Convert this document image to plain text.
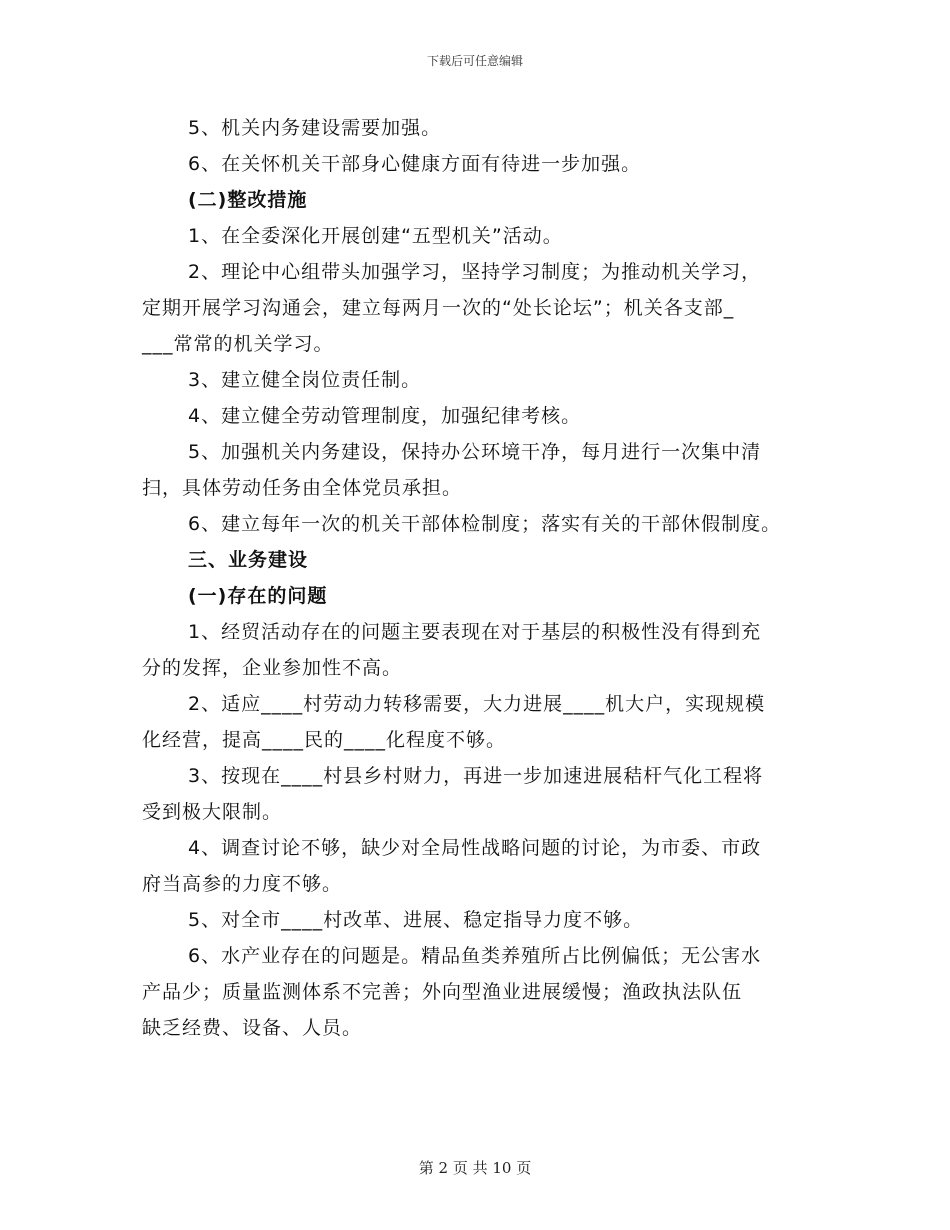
下载后可任意编辑
5、机关内务建设需要加强。
6、在关怀机关干部身心健康方面有待进一步加强。
(二)整改措施
1、在全委深化开展创建“五型机关”活动。
2、理论中心组带头加强学习，坚持学习制度；为推动机关学习，
定期开展学习沟通会，建立每两月一次的“处长论坛”；机关各支部_
___常常的机关学习。
3、建立健全岗位责任制。
4、建立健全劳动管理制度，加强纪律考核。
5、加强机关内务建设，保持办公环境干净，每月进行一次集中清
扫，具体劳动任务由全体党员承担。
6、建立每年一次的机关干部体检制度；落实有关的干部休假制度。
三、业务建设
(一)存在的问题
1、经贸活动存在的问题主要表现在对于基层的积极性没有得到充
分的发挥，企业参加性不高。
2、适应____村劳动力转移需要，大力进展____机大户，实现规模
化经营，提高____民的____化程度不够。
3、按现在____村县乡村财力，再进一步加速进展秸杆气化工程将
受到极大限制。
4、调查讨论不够，缺少对全局性战略问题的讨论，为市委、市政
府当高参的力度不够。
5、对全市____村改革、进展、稳定指导力度不够。
6、水产业存在的问题是。精品鱼类养殖所占比例偏低；无公害水
产品少；质量监测体系不完善；外向型渔业进展缓慢；渔政执法队伍
缺乏经费、设备、人员。
第 2 页 共 10 页
